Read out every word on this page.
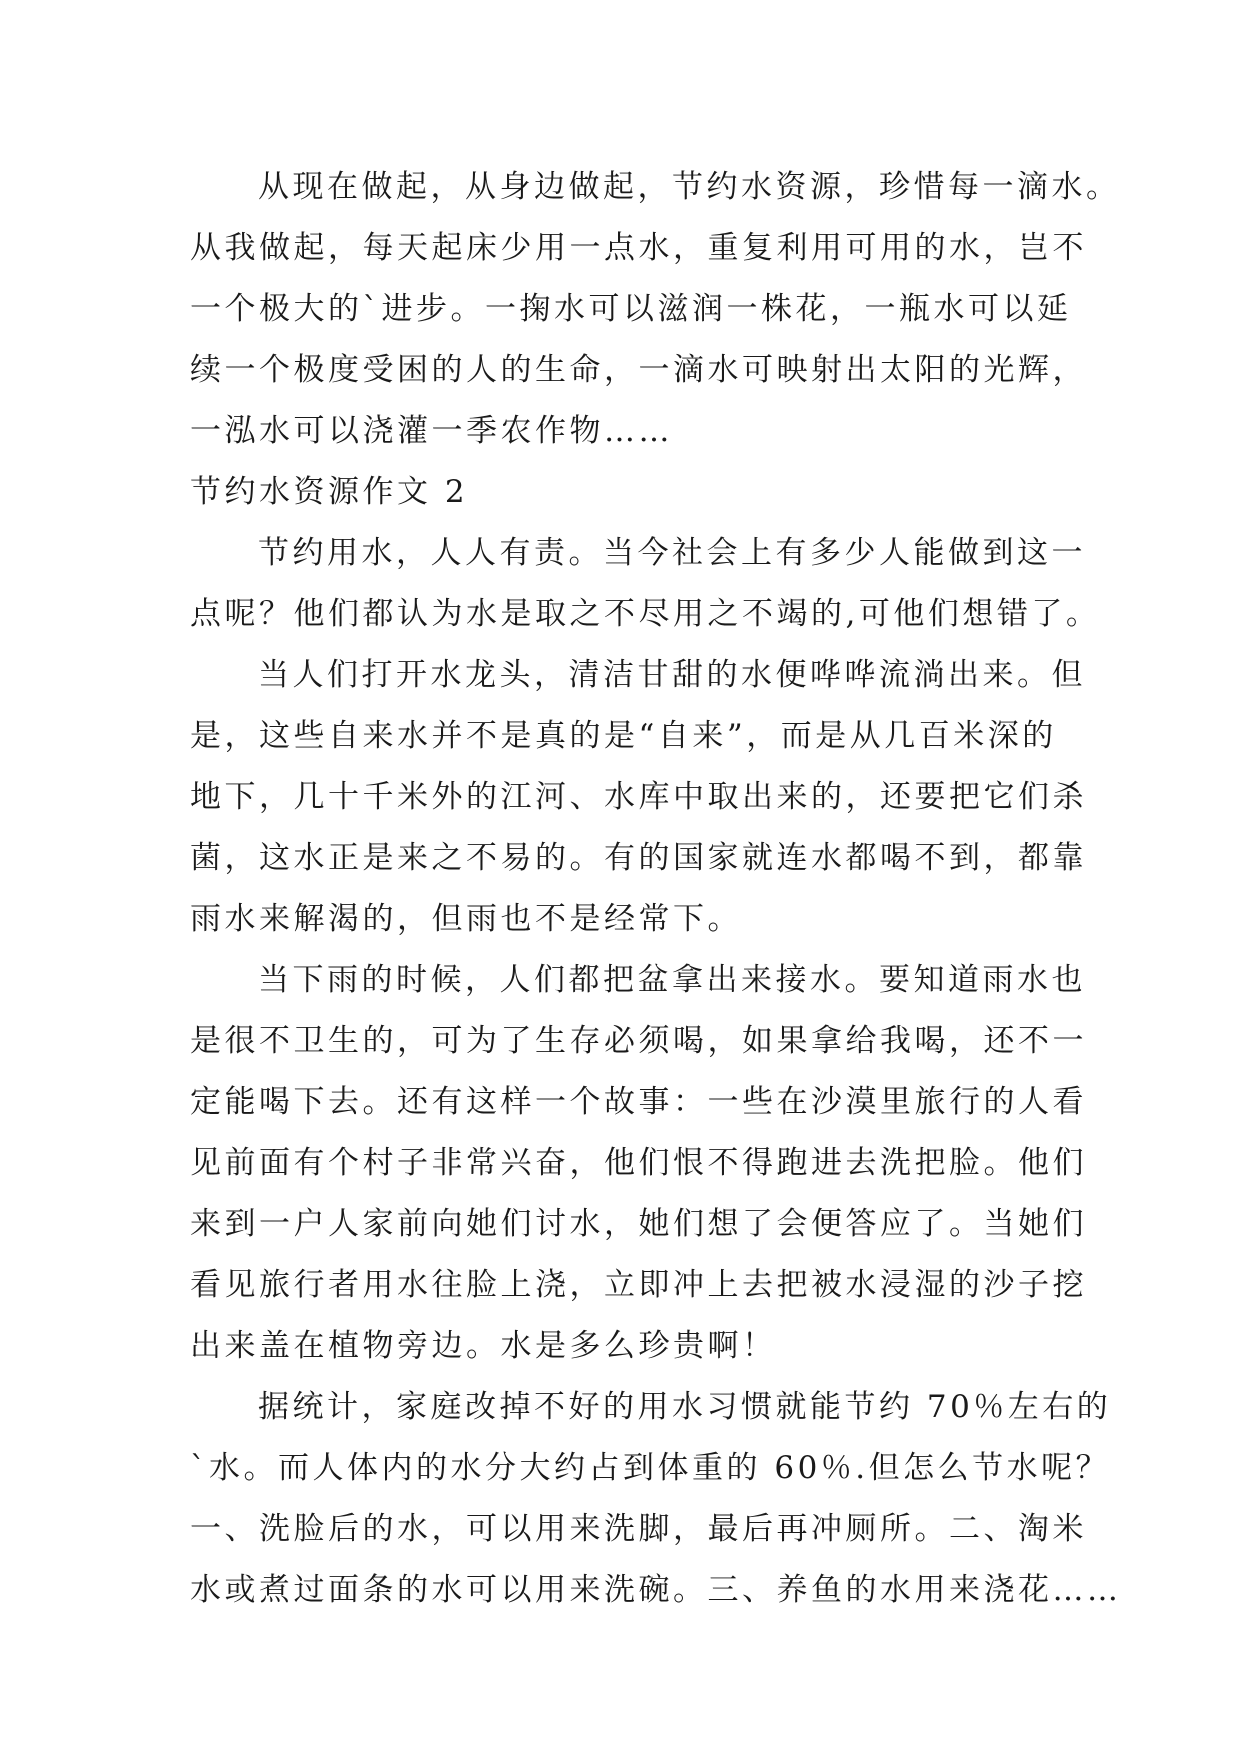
从现在做起，从身边做起，节约水资源，珍惜每一滴水。
从我做起，每天起床少用一点水，重复利用可用的水，岂不
一个极大的`进步。一掬水可以滋润一株花，一瓶水可以延
续一个极度受困的人的生命，一滴水可映射出太阳的光辉，
一泓水可以浇灌一季农作物……
节约水资源作文 2
节约用水，人人有责。当今社会上有多少人能做到这一
点呢？他们都认为水是取之不尽用之不竭的,可他们想错了。
当人们打开水龙头，清洁甘甜的水便哗哗流淌出来。但
是，这些自来水并不是真的是“自来”，而是从几百米深的
地下，几十千米外的江河、水库中取出来的，还要把它们杀
菌，这水正是来之不易的。有的国家就连水都喝不到，都靠
雨水来解渴的，但雨也不是经常下。
当下雨的时候，人们都把盆拿出来接水。要知道雨水也
是很不卫生的，可为了生存必须喝，如果拿给我喝，还不一
定能喝下去。还有这样一个故事：一些在沙漠里旅行的人看
见前面有个村子非常兴奋，他们恨不得跑进去洗把脸。他们
来到一户人家前向她们讨水，她们想了会便答应了。当她们
看见旅行者用水往脸上浇，立即冲上去把被水浸湿的沙子挖
出来盖在植物旁边。水是多么珍贵啊！
据统计，家庭改掉不好的用水习惯就能节约 70％左右的
`水。而人体内的水分大约占到体重的 60％.但怎么节水呢？
一、洗脸后的水，可以用来洗脚，最后再冲厕所。二、淘米
水或煮过面条的水可以用来洗碗。三、养鱼的水用来浇花……
